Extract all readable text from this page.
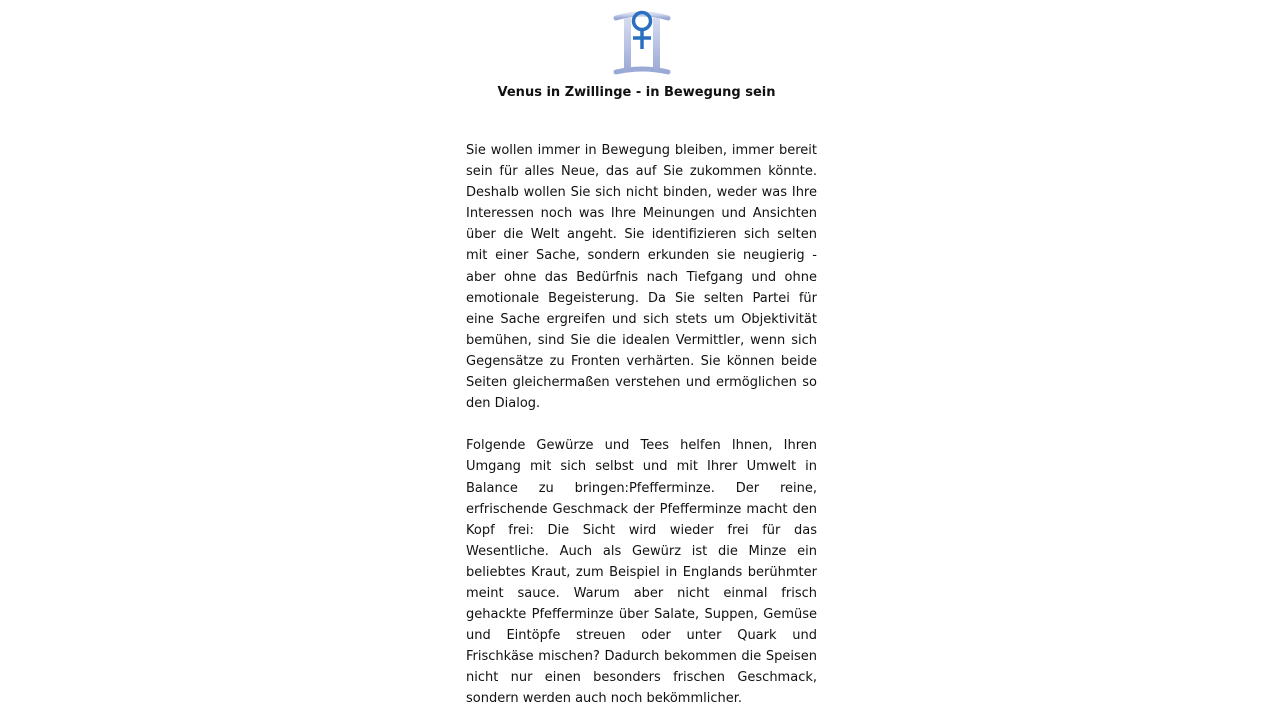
Venus in Zwillinge - in Bewegung sein

Sie wollen immer in Bewegung bleiben, immer bereit sein für alles Neue, das auf Sie zukommen könnte. Deshalb wollen Sie sich nicht binden, weder was Ihre Interessen noch was Ihre Meinungen und Ansichten über die Welt angeht. Sie identifizieren sich selten mit einer Sache, sondern erkunden sie neugierig - aber ohne das Bedürfnis nach Tiefgang und ohne emotionale Begeisterung. Da Sie selten Partei für eine Sache ergreifen und sich stets um Objektivität bemühen, sind Sie die idealen Vermittler, wenn sich Gegensätze zu Fronten verhärten. Sie können beide Seiten gleichermaßen verstehen und ermöglichen so den Dialog.

Folgende Gewürze und Tees helfen Ihnen, Ihren Umgang mit sich selbst und mit Ihrer Umwelt in Balance zu bringen:Pfefferminze. Der reine, erfrischende Geschmack der Pfefferminze macht den Kopf frei: Die Sicht wird wieder frei für das Wesentliche. Auch als Gewürz ist die Minze ein beliebtes Kraut, zum Beispiel in Englands berühmter meint sauce. Warum aber nicht einmal frisch gehackte Pfefferminze über Salate, Suppen, Gemüse und Eintöpfe streuen oder unter Quark und Frischkäse mischen? Dadurch bekommen die Speisen nicht nur einen besonders frischen Geschmack, sondern werden auch noch bekömmlicher.
